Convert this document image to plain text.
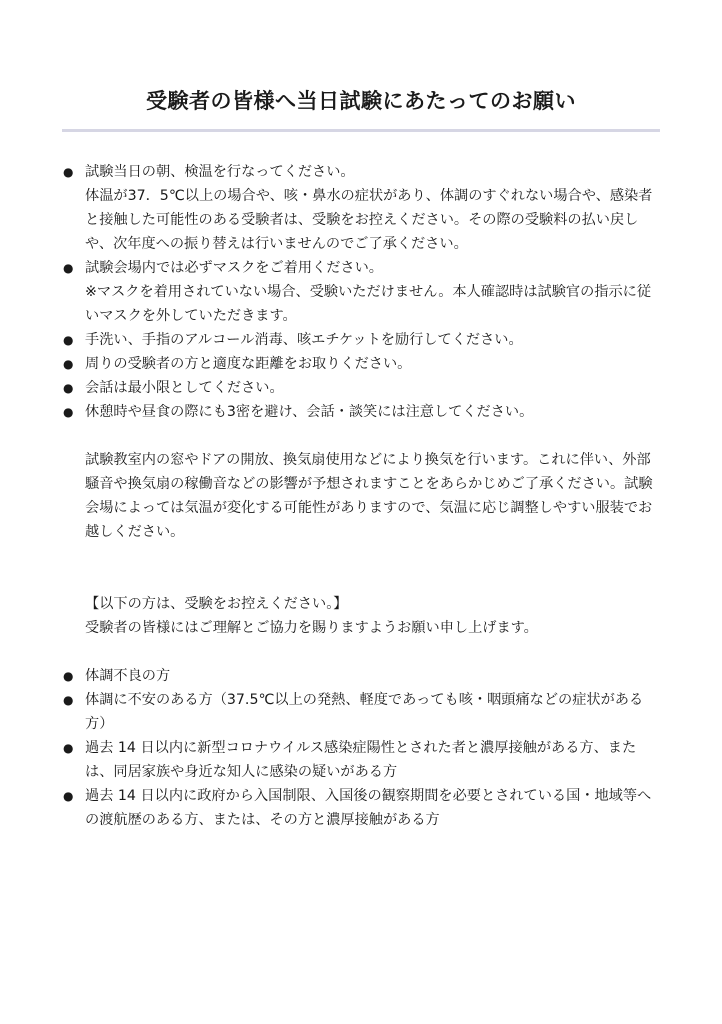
受験者の皆様へ当日試験にあたってのお願い
● 試験当日の朝、検温を行なってください。
体温が37．5℃以上の場合や、咳・鼻水の症状があり、体調のすぐれない場合や、感染者と接触した可能性のある受験者は、受験をお控えください。その際の受験料の払い戻しや、次年度への振り替えは行いませんのでご了承ください。
● 試験会場内では必ずマスクをご着用ください。
※マスクを着用されていない場合、受験いただけません。本人確認時は試験官の指示に従いマスクを外していただきます。
● 手洗い、手指のアルコール消毒、咳エチケットを励行してください。
● 周りの受験者の方と適度な距離をお取りください。
● 会話は最小限としてください。
● 休憩時や昼食の際にも3密を避け、会話・談笑には注意してください。

試験教室内の窓やドアの開放、換気扇使用などにより換気を行います。これに伴い、外部騒音や換気扇の稼働音などの影響が予想されますことをあらかじめご了承ください。試験会場によっては気温が変化する可能性がありますので、気温に応じ調整しやすい服装でお越しください。

【以下の方は、受験をお控えください。】

受験者の皆様にはご理解とご協力を賜りますようお願い申し上げます。

● 体調不良の方
● 体調に不安のある方（37.5℃以上の発熱、軽度であっても咳・咽頭痛などの症状がある方）
● 過去 14 日以内に新型コロナウイルス感染症陽性とされた者と濃厚接触がある方、または、同居家族や身近な知人に感染の疑いがある方
● 過去 14 日以内に政府から入国制限、入国後の観察期間を必要とされている国・地域等への渡航歴のある方、または、その方と濃厚接触がある方
